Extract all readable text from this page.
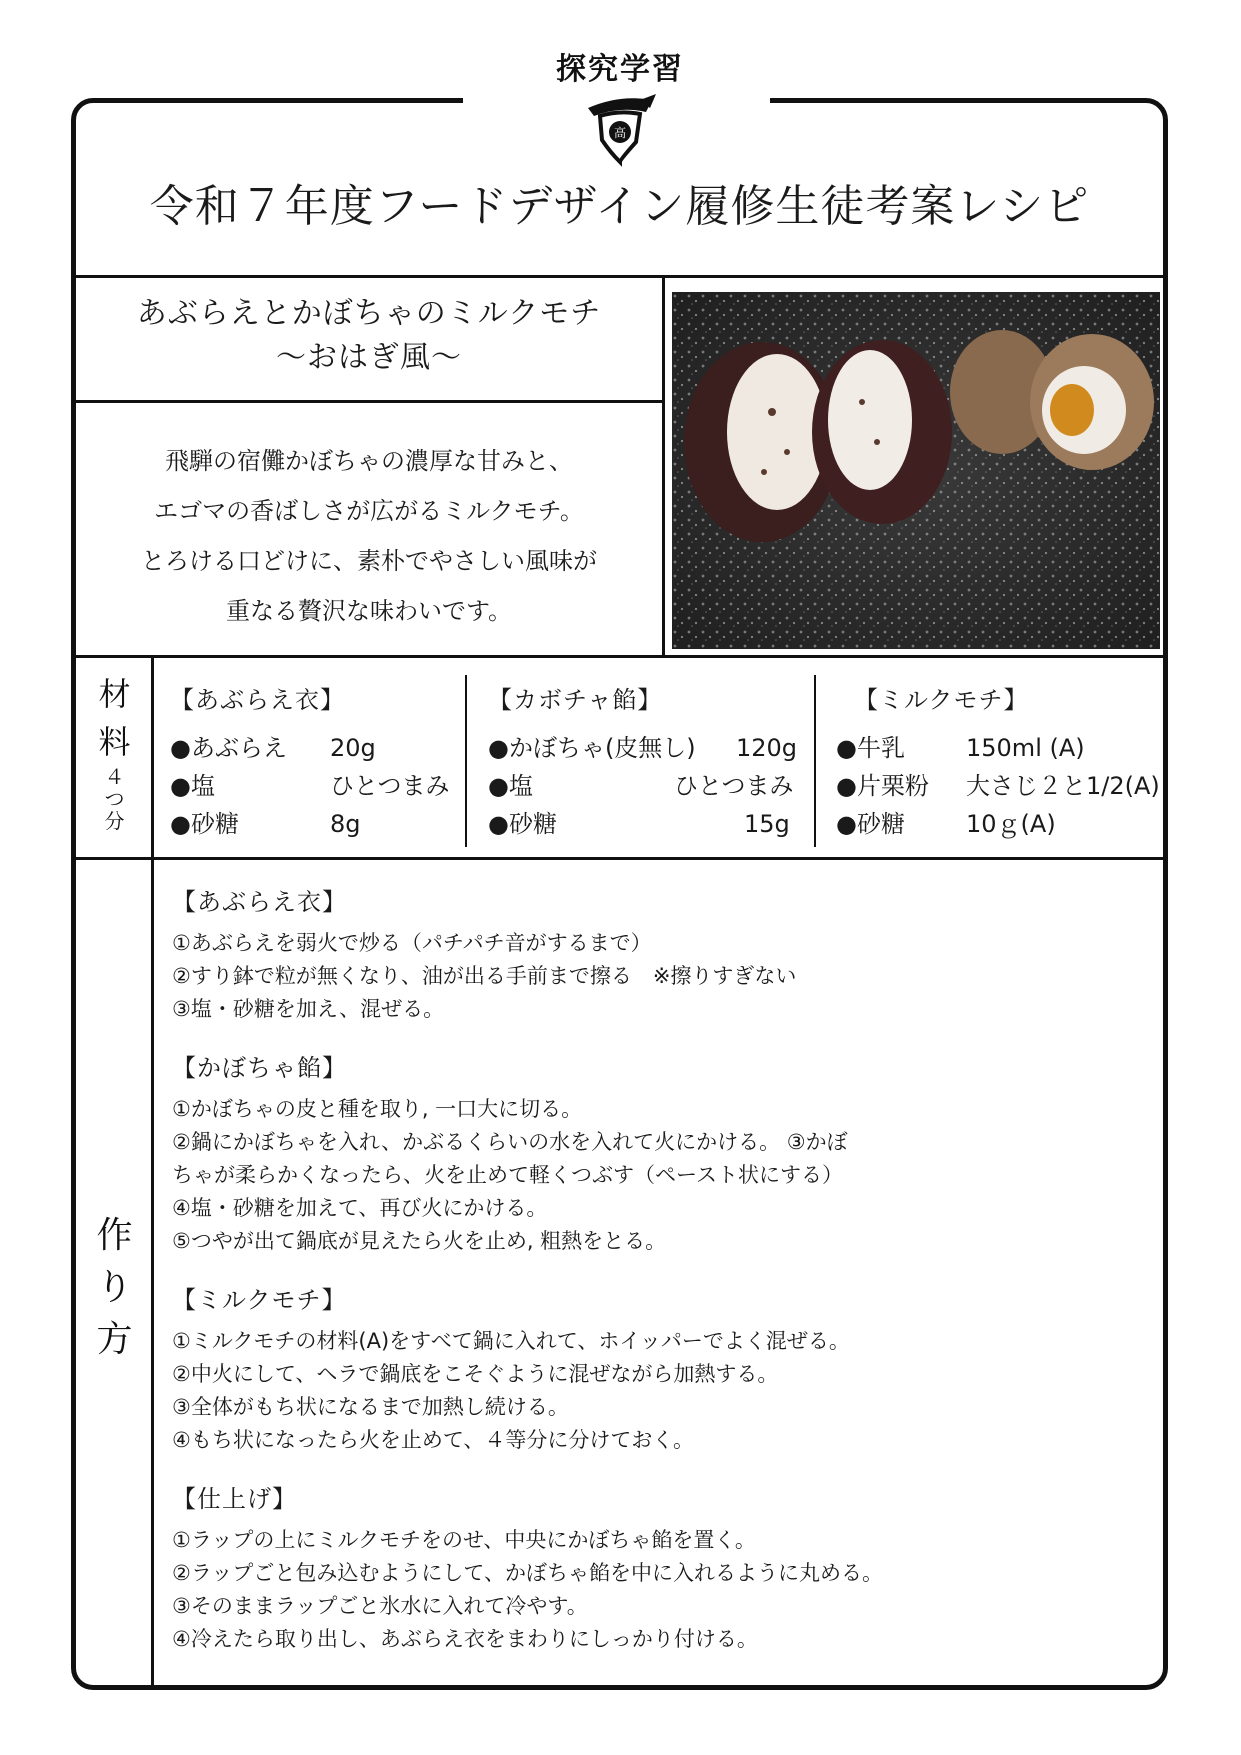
探究学習
高
令和７年度フードデザイン履修生徒考案レシピ
あぶらえとかぼちゃのミルクモチ
〜おはぎ風〜
飛騨の宿儺かぼちゃの濃厚な甘みと、
エゴマの香ばしさが広がるミルクモチ。
とろける口どけに、素朴でやさしい風味が
重なる贅沢な味わいです。
材
料
４
つ
分
【あぶらえ衣】
●あぶらえ 20g
●塩	ひとつまみ
●砂糖	8g
【カボチャ餡】
●かぼちゃ(皮無し) 120g
●塩	ひとつまみ
●砂糖	15g
【ミルクモチ】
●牛乳	150ml (A)
●片栗粉 大さじ２と1/2(A)
●砂糖	10ｇ(A)
作
り
方
【あぶらえ衣】
①あぶらえを弱火で炒る（パチパチ音がするまで）
②すり鉢で粒が無くなり、油が出る手前まで擦る　※擦りすぎない
③塩・砂糖を加え、混ぜる。
【かぼちゃ餡】
①かぼちゃの皮と種を取り, 一口大に切る。
②鍋にかぼちゃを入れ、かぶるくらいの水を入れて火にかける。 ③かぼ
ちゃが柔らかくなったら、火を止めて軽くつぶす（ペースト状にする）
④塩・砂糖を加えて、再び火にかける。
⑤つやが出て鍋底が見えたら火を止め, 粗熱をとる。
【ミルクモチ】
①ミルクモチの材料(A)をすべて鍋に入れて、ホイッパーでよく混ぜる。
②中火にして、ヘラで鍋底をこそぐように混ぜながら加熱する。
③全体がもち状になるまで加熱し続ける。
④もち状になったら火を止めて、４等分に分けておく。
【仕上げ】
①ラップの上にミルクモチをのせ、中央にかぼちゃ餡を置く。
②ラップごと包み込むようにして、かぼちゃ餡を中に入れるように丸める。
③そのままラップごと氷水に入れて冷やす。
④冷えたら取り出し、あぶらえ衣をまわりにしっかり付ける。
